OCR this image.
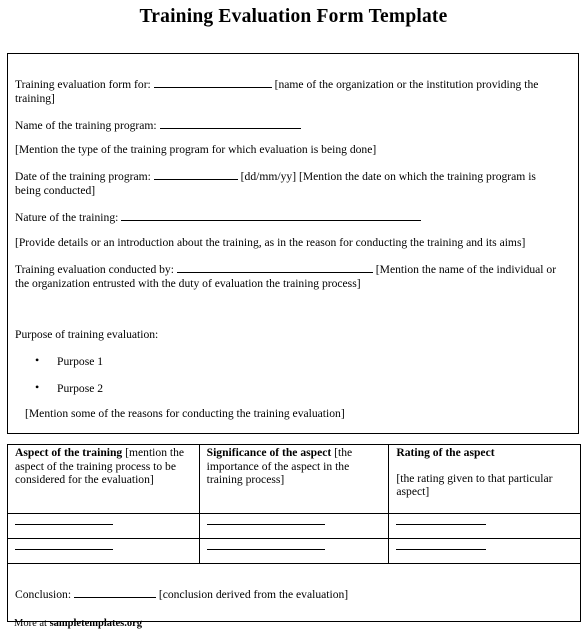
Training Evaluation Form Template
Training evaluation form for:	[name of the organization or the institution providing the training]
Name of the training program:
[Mention the type of the training program for which evaluation is being done]
Date of the training program:	[dd/mm/yy] [Mention the date on which the training program is being conducted]
Nature of the training:
[Provide details or an introduction about the training, as in the reason for conducting the training and its aims]
Training evaluation conducted by:	[Mention the name of the individual or the organization entrusted with the duty of evaluation the training process]
Purpose of training evaluation:
• Purpose 1
• Purpose 2
[Mention some of the reasons for conducting the training evaluation]
Aspect of the training [mention the aspect of the training process to be considered for the evaluation]	Significance of the aspect [the importance of the aspect in the training process]	Rating of the aspect
[the rating given to that particular aspect]

Conclusion: [conclusion derived from the evaluation]		
More at sampletemplates.org
